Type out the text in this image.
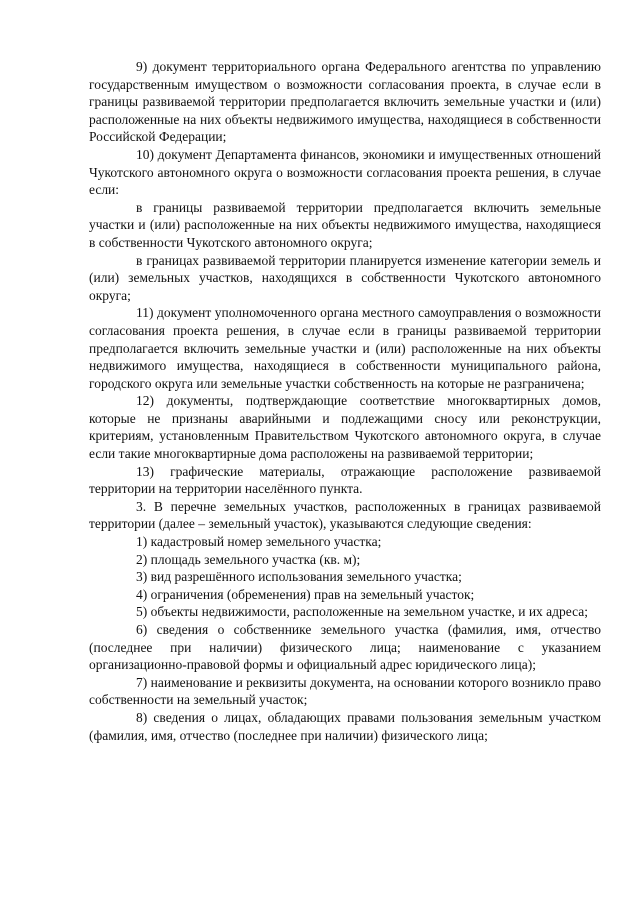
9) документ территориального органа Федерального агентства по управлению государственным имуществом о возможности согласования проекта, в случае если в границы развиваемой территории предполагается включить земельные участки и (или) расположенные на них объекты недвижимого имущества, находящиеся в собственности Российской Федерации;

10) документ Департамента финансов, экономики и имущественных отношений Чукотского автономного округа о возможности согласования проекта решения, в случае если:

в границы развиваемой территории предполагается включить земельные участки и (или) расположенные на них объекты недвижимого имущества, находящиеся в собственности Чукотского автономного округа;

в границах развиваемой территории планируется изменение категории земель и (или) земельных участков, находящихся в собственности Чукотского автономного округа;

11) документ уполномоченного органа местного самоуправления о возможности согласования проекта решения, в случае если в границы развиваемой территории предполагается включить земельные участки и (или) расположенные на них объекты недвижимого имущества, находящиеся в собственности муниципального района, городского округа или земельные участки собственность на которые не разграничена;

12) документы, подтверждающие соответствие многоквартирных домов, которые не признаны аварийными и подлежащими сносу или реконструкции, критериям, установленным Правительством Чукотского автономного округа, в случае если такие многоквартирные дома расположены на развиваемой территории;

13) графические материалы, отражающие расположение развиваемой территории на территории населённого пункта.

3. В перечне земельных участков, расположенных в границах развиваемой территории (далее – земельный участок), указываются следующие сведения:

1) кадастровый номер земельного участка;

2) площадь земельного участка (кв. м);

3) вид разрешённого использования земельного участка;

4) ограничения (обременения) прав на земельный участок;

5) объекты недвижимости, расположенные на земельном участке, и их адреса;

6) сведения о собственнике земельного участка (фамилия, имя, отчество (последнее при наличии) физического лица; наименование с указанием организационно-правовой формы и официальный адрес юридического лица);

7) наименование и реквизиты документа, на основании которого возникло право собственности на земельный участок;

8) сведения о лицах, обладающих правами пользования земельным участком (фамилия, имя, отчество (последнее при наличии) физического лица;
